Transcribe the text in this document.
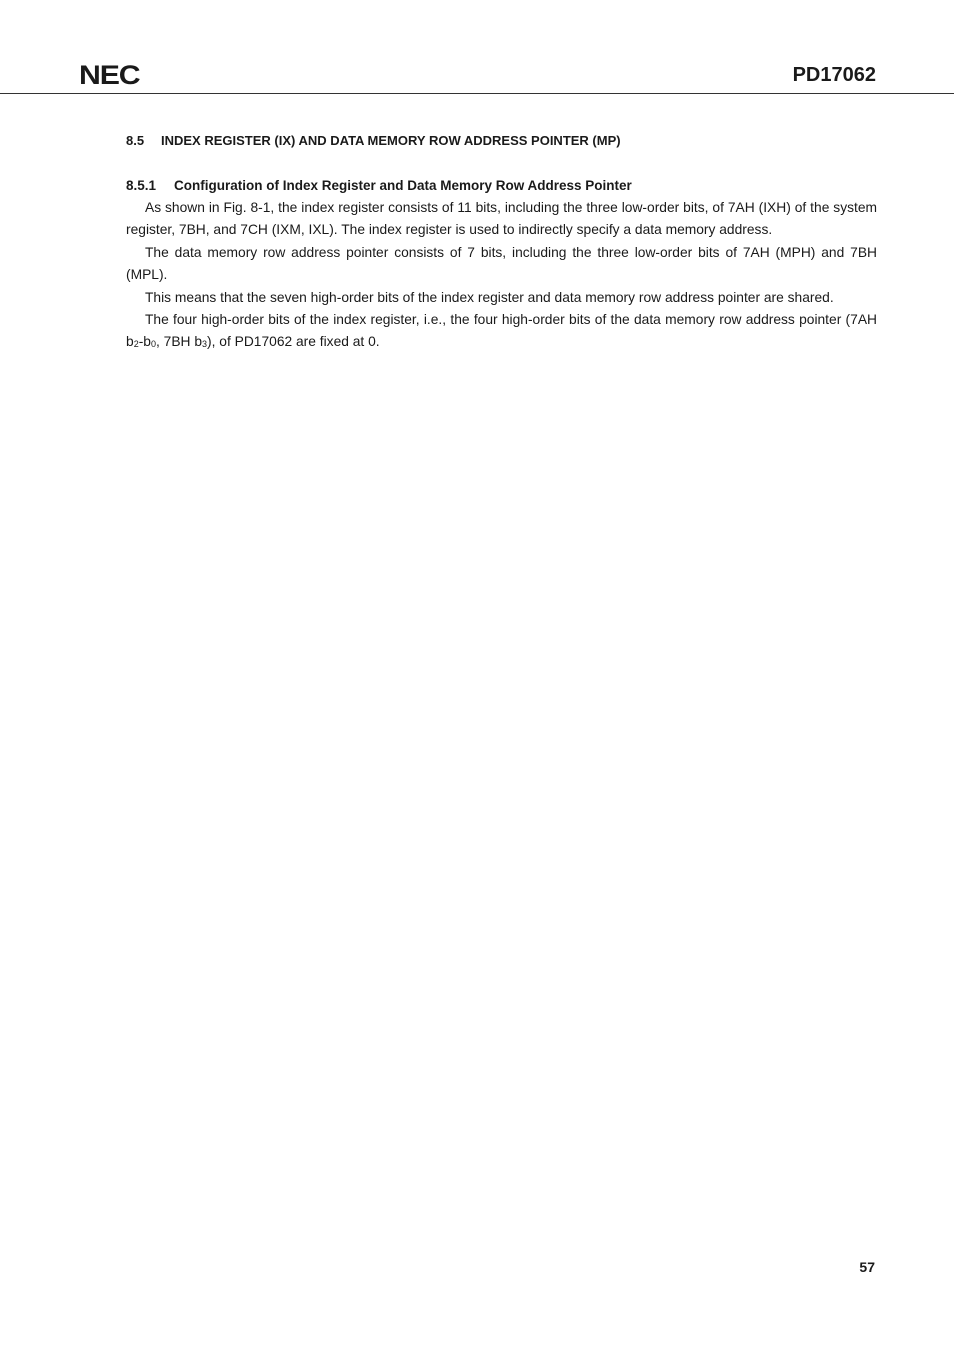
NEC	PD17062
8.5 INDEX REGISTER (IX) AND DATA MEMORY ROW ADDRESS POINTER (MP)
8.5.1 Configuration of Index Register and Data Memory Row Address Pointer

As shown in Fig. 8-1, the index register consists of 11 bits, including the three low-order bits, of 7AH (IXH) of the system register, 7BH, and 7CH (IXM, IXL). The index register is used to indirectly specify a data memory address.

The data memory row address pointer consists of 7 bits, including the three low-order bits of 7AH (MPH) and 7BH (MPL).

This means that the seven high-order bits of the index register and data memory row address pointer are shared.

The four high-order bits of the index register, i.e., the four high-order bits of the data memory row address pointer (7AH $b_2-b_0$, 7BH $b_3$), of PD17062 are fixed at 0.

57
